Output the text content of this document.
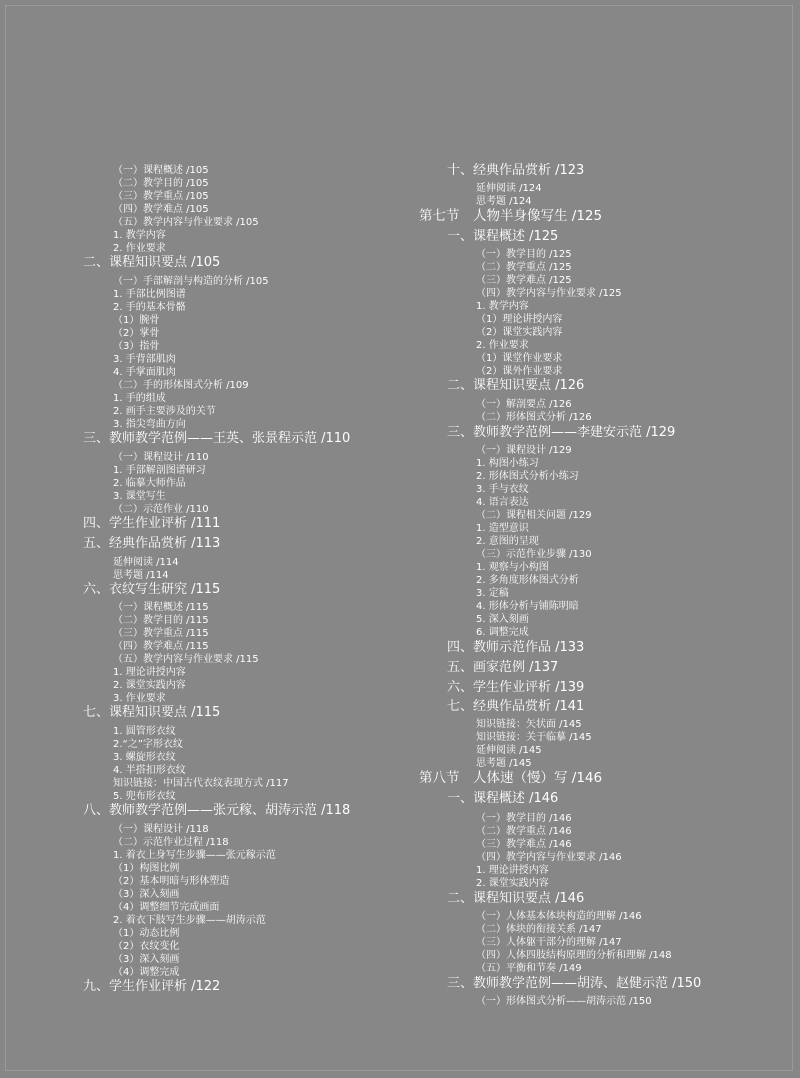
（一）课程概述 /105
（二）教学目的 /105
（三）教学重点 /105
（四）教学难点 /105
（五）教学内容与作业要求 /105
1. 教学内容
2. 作业要求
二、课程知识要点 /105
（一）手部解剖与构造的分析 /105
1. 手部比例图谱
2. 手的基本骨骼
（1）腕骨
（2）掌骨
（3）指骨
3. 手背部肌肉
4. 手掌面肌肉
（二）手的形体图式分析 /109
1. 手的组成
2. 画手主要涉及的关节
3. 指尖弯曲方向
三、教师教学范例——王英、张景程示范 /110
（一）课程设计 /110
1. 手部解剖图谱研习
2. 临摹大师作品
3. 课堂写生
（二）示范作业 /110
四、学生作业评析 /111
五、经典作品赏析 /113
延伸阅读 /114
思考题 /114
六、衣纹写生研究 /115
（一）课程概述 /115
（二）教学目的 /115
（三）教学重点 /115
（四）教学难点 /115
（五）教学内容与作业要求 /115
1. 理论讲授内容
2. 课堂实践内容
3. 作业要求
七、课程知识要点 /115
1. 圆管形衣纹
2.“之”字形衣纹
3. 螺旋形衣纹
4. 半搭扣形衣纹
知识链接：中国古代衣纹表现方式 /117
5. 兜布形衣纹
八、教师教学范例——张元稼、胡涛示范 /118
（一）课程设计 /118
（二）示范作业过程 /118
1. 着衣上身写生步骤——张元稼示范
（1）构图比例
（2）基本明暗与形体塑造
（3）深入刻画
（4）调整细节完成画面
2. 着衣下肢写生步骤——胡涛示范
（1）动态比例
（2）衣纹变化
（3）深入刻画
（4）调整完成
九、学生作业评析 /122
十、经典作品赏析 /123
延伸阅读 /124
思考题 /124
第七节　人物半身像写生 /125
一、课程概述 /125
（一）教学目的 /125
（二）教学重点 /125
（三）教学难点 /125
（四）教学内容与作业要求 /125
1. 教学内容
（1）理论讲授内容
（2）课堂实践内容
2. 作业要求
（1）课堂作业要求
（2）课外作业要求
二、课程知识要点 /126
（一）解剖要点 /126
（二）形体图式分析 /126
三、教师教学范例——李建安示范 /129
（一）课程设计 /129
1. 构图小练习
2. 形体图式分析小练习
3. 手与衣纹
4. 语言表达
（二）课程相关问题 /129
1. 造型意识
2. 意图的呈现
（三）示范作业步骤 /130
1. 观察与小构图
2. 多角度形体图式分析
3. 定稿
4. 形体分析与铺陈明暗
5. 深入刻画
6. 调整完成
四、教师示范作品 /133
五、画家范例 /137
六、学生作业评析 /139
七、经典作品赏析 /141
知识链接：矢状面 /145
知识链接：关于临摹 /145
延伸阅读 /145
思考题 /145
第八节　人体速（慢）写 /146
一、课程概述 /146
（一）教学目的 /146
（二）教学重点 /146
（三）教学难点 /146
（四）教学内容与作业要求 /146
1. 理论讲授内容
2. 课堂实践内容
二、课程知识要点 /146
（一）人体基本体块构造的理解 /146
（二）体块的衔接关系 /147
（三）人体躯干部分的理解 /147
（四）人体四肢结构原理的分析和理解 /148
（五）平衡和节奏 /149
三、教师教学范例——胡涛、赵健示范 /150
（一）形体图式分析——胡涛示范 /150
